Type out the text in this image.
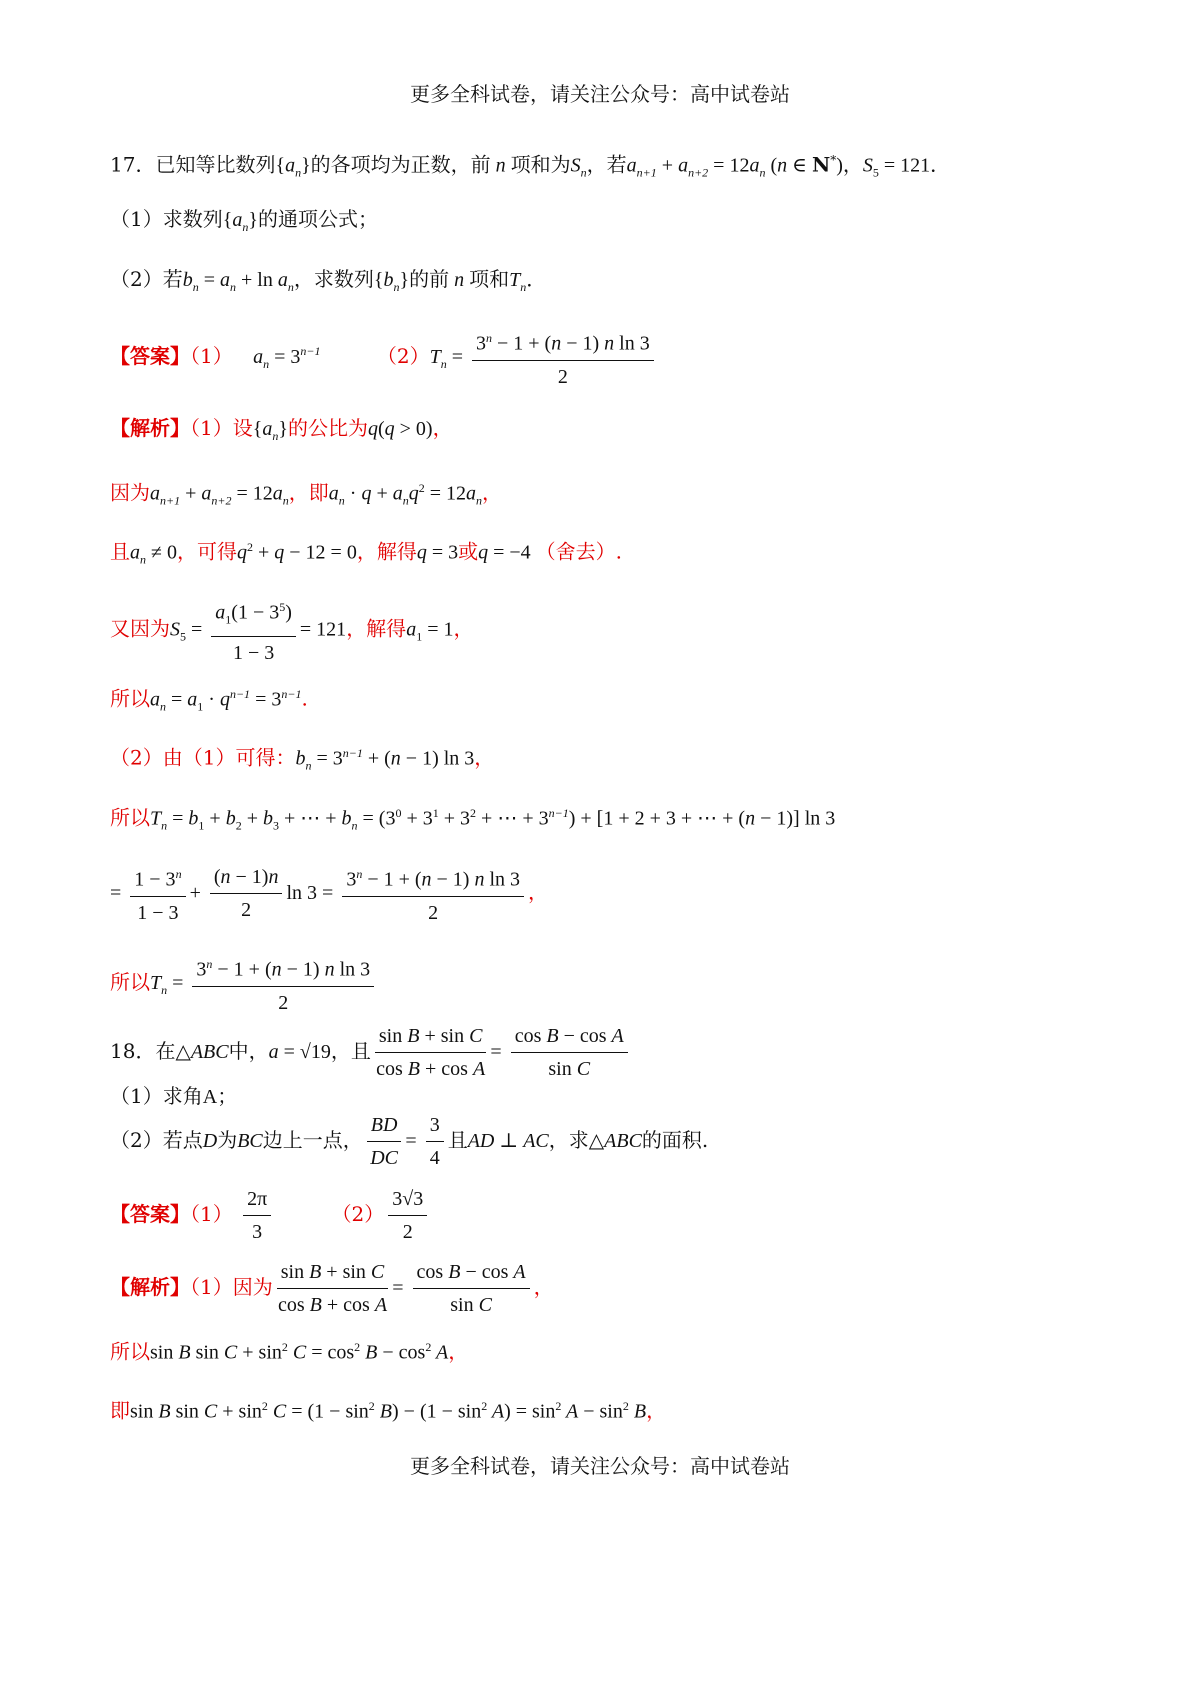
更多全科试卷，请关注公众号：高中试卷站
17．已知等比数列$\{a_n\}$的各项均为正数，前 n 项和为$S_n$，若$a_{n+1} + a_{n+2} = 12a_n$ (n ∈ N*)，$S_5 = 121$．
（1）求数列$\{a_n\}$的通项公式；
（2）若$b_n = a_n + \ln a_n$，求数列$\{b_n\}$的前 n 项和$T_n$．
【答案】（1） $a_n = 3^{n-1}$	$(2)T_n = \frac{3^n - 1 + (n - 1) n \ln 3}{2}$
【解析】（1）设$\{a_n\}$的公比为q(q > 0)，
因为$a_{n+1} + a_{n+2} = 12a_n$，即$a_n \cdot q + a_nq^2 = 12a_n$，
且$a_n \ne 0$，可得$q^2 + q - 12 = 0$，解得q = 3或q = −4 （舍去）.
又因为$S_5 = \frac{a_1(1 - 3^5)}{1 - 3} = 121$，解得$a_1 = 1$，
所以$a_n = a_1 \cdot q^{n-1} = 3^{n-1}$.
（2）由（1）可得：$b_n = 3^{n-1} + (n - 1)$ ln 3，
所以$T_n = b_1 + b_2 + b_3$ + ⋯ + $b_n = (3^0 + 3^1 + 3^2$ + ⋯ + $3^{n-1}) + [1 + 2 + 3$ + ⋯ + (n − 1)] ln 3
= $\frac{1 - 3^n}{1 - 3} + \frac{(n - 1)n}{2}$ $\ln 3 = \frac{3^n - 1 + (n - 1) n \ln 3}{2}$ ，
所以$T_n = \frac{3^n - 1 + (n - 1) n \ln 3}{2}$
18．在△ABC中，a = √19，且 $\frac{\text{sin B + sin C}}{\text{cos B + cos A}} = \frac{\text{cos B − cos A}}{\text{sin C}}$
（1）求角A；
（2）若点D为BC边上一点， $\frac{BD}{DC} = \frac{3}{4}$ 且AD ⊥ AC，求△ABC的面积.
【答案】$(1) \frac{2\pi}{3}$	$(2) \frac{3√3}{2}$
【解析】（1）因为 $\frac{\text{sin B + sin C}}{\text{cos B + cos A}} = \frac{\text{cos B − cos A}}{\text{sin C}}$ ，
所以sin B $\sin C + \sin^2 C = \cos^2 B - \cos^2 A$，
即sin B $\sin C + \sin^2 C = (1 - \sin^2 B) - (1 - \sin^2 A) = \sin^2 A - \sin^2 B$，
更多全科试卷，请关注公众号：高中试卷站
